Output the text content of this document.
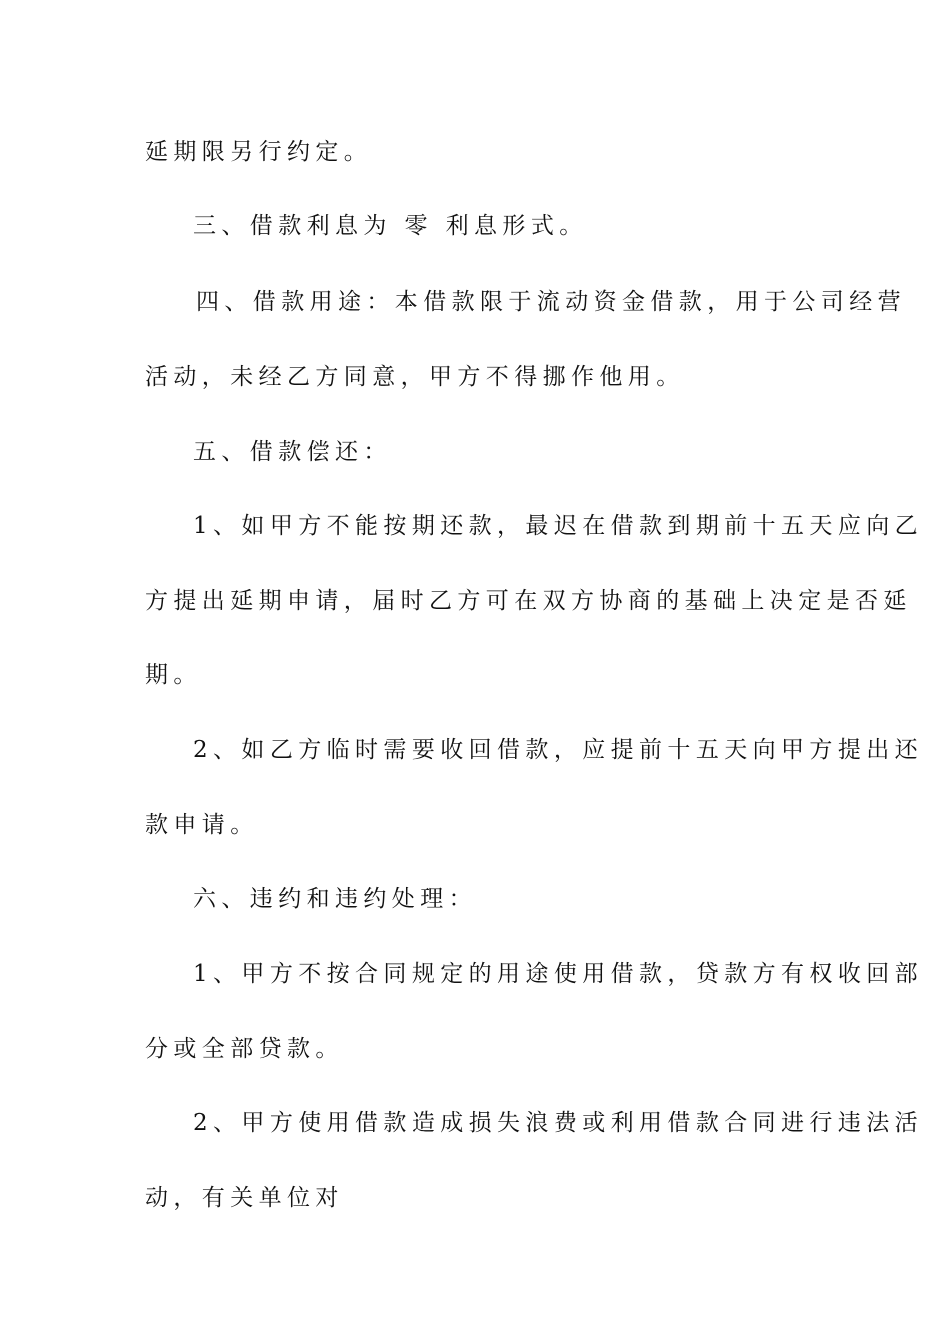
延期限另行约定。
三、借款利息为 零 利息形式。
四、借款用途：本借款限于流动资金借款，用于公司经营
活动，未经乙方同意，甲方不得挪作他用。
五、借款偿还：
1、如甲方不能按期还款，最迟在借款到期前十五天应向乙
方提出延期申请，届时乙方可在双方协商的基础上决定是否延
期。
2、如乙方临时需要收回借款，应提前十五天向甲方提出还
款申请。
六、违约和违约处理：
1、甲方不按合同规定的用途使用借款，贷款方有权收回部
分或全部贷款。
2、甲方使用借款造成损失浪费或利用借款合同进行违法活
动，有关单位对
